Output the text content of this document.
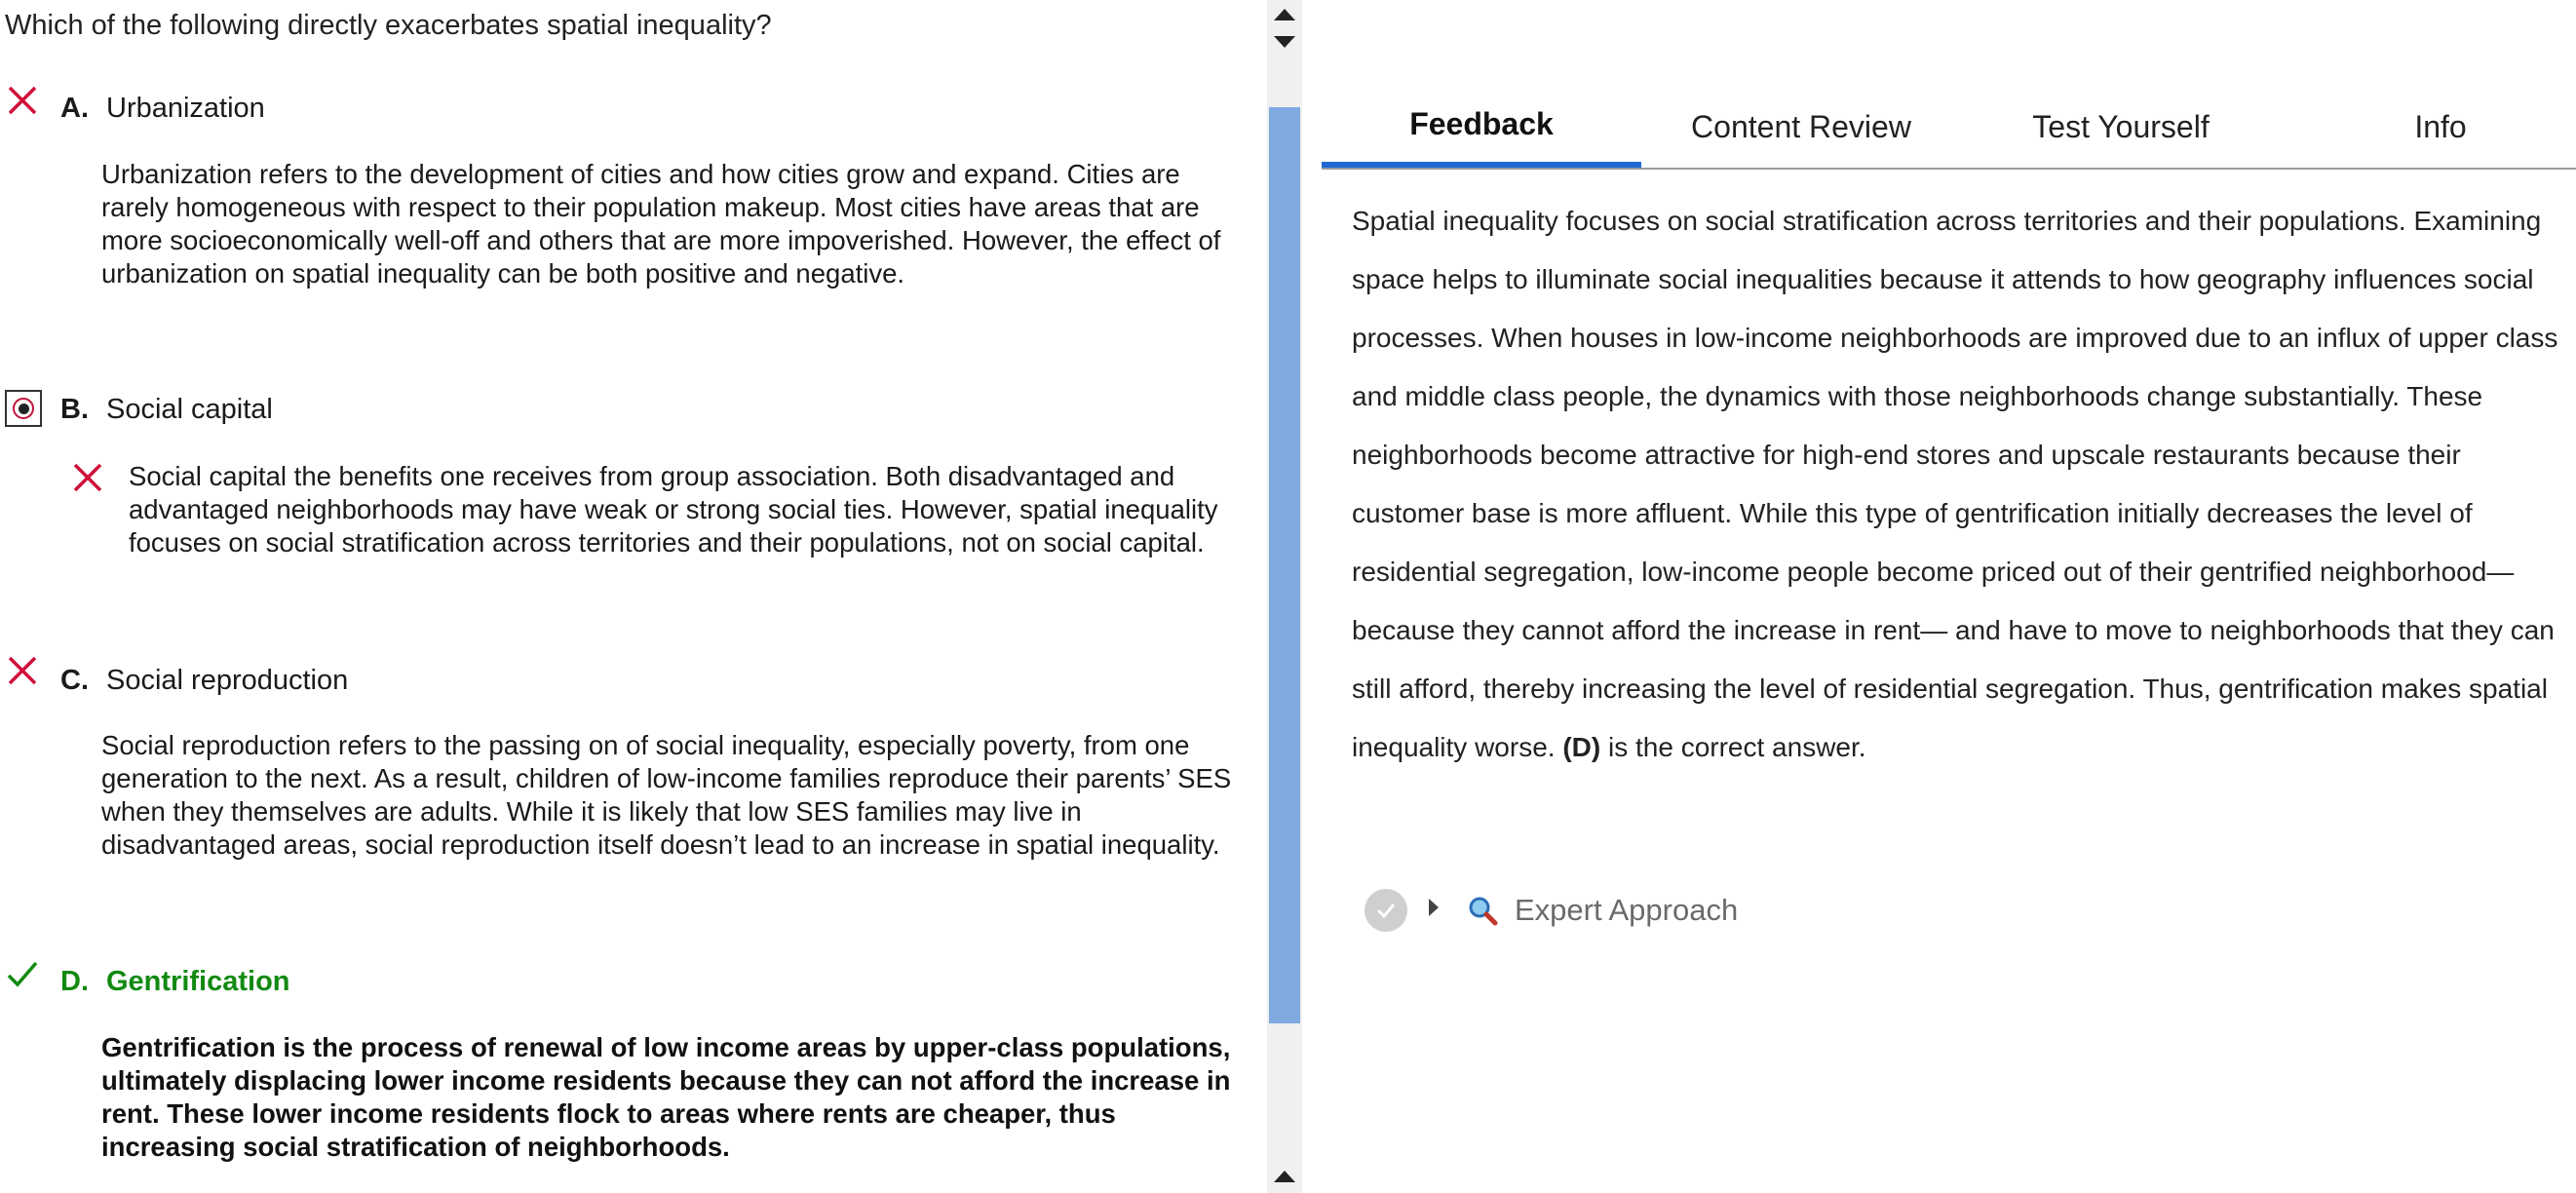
Which of the following directly exacerbates spatial inequality?
A. Urbanization
Urbanization refers to the development of cities and how cities grow and expand. Cities are rarely homogeneous with respect to their population makeup. Most cities have areas that are more socioeconomically well-off and others that are more impoverished. However, the effect of urbanization on spatial inequality can be both positive and negative.
B. Social capital
Social capital the benefits one receives from group association. Both disadvantaged and advantaged neighborhoods may have weak or strong social ties. However, spatial inequality focuses on social stratification across territories and their populations, not on social capital.
C. Social reproduction
Social reproduction refers to the passing on of social inequality, especially poverty, from one generation to the next. As a result, children of low-income families reproduce their parents’ SES when they themselves are adults. While it is likely that low SES families may live in disadvantaged areas, social reproduction itself doesn’t lead to an increase in spatial inequality.
D. Gentrification
Gentrification is the process of renewal of low income areas by upper-class populations, ultimately displacing lower income residents because they can not afford the increase in rent. These lower income residents flock to areas where rents are cheaper, thus increasing social stratification of neighborhoods.
Feedback	Content Review	Test Yourself	Info
Spatial inequality focuses on social stratification across territories and their populations. Examining space helps to illuminate social inequalities because it attends to how geography influences social processes. When houses in low-income neighborhoods are improved due to an influx of upper class and middle class people, the dynamics with those neighborhoods change substantially. These neighborhoods become attractive for high-end stores and upscale restaurants because their customer base is more affluent. While this type of gentrification initially decreases the level of residential segregation, low-income people become priced out of their gentrified neighborhood—because they cannot afford the increase in rent— and have to move to neighborhoods that they can still afford, thereby increasing the level of residential segregation. Thus, gentrification makes spatial inequality worse. (D) is the correct answer.
Expert Approach
